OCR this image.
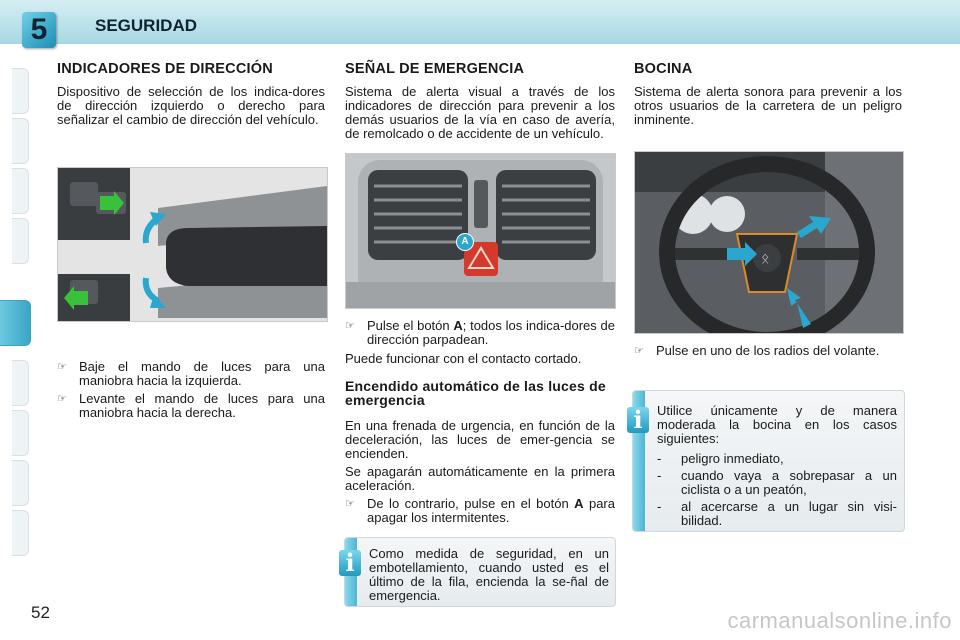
5	SEGURIDAD
INDICADORES DE DIRECCIÓN

Dispositivo de selección de los indica-dores de dirección izquierdo o derecho para señalizar el cambio de dirección del vehículo.

☞ Baje el mando de luces para una maniobra hacia la izquierda.
☞ Levante el mando de luces para una maniobra hacia la derecha.
SEÑAL DE EMERGENCIA

Sistema de alerta visual a través de los indicadores de dirección para prevenir a los demás usuarios de la vía en caso de avería, de remolcado o de accidente de un vehículo.

A
☞ Pulse el botón A; todos los indica-dores de dirección parpadean.

Puede funcionar con el contacto cortado.

Encendido automático de las luces de emergencia

En una frenada de urgencia, en función de la deceleración, las luces de emer-gencia se encienden.

Se apagarán automáticamente en la primera aceleración.

☞ De lo contrario, pulse en el botón A para apagar los intermitentes.
i	Como medida de seguridad, en un embotellamiento, cuando usted es el último de la fila, encienda la se-ñal de emergencia.

BOCINA

Sistema de alerta sonora para prevenir a los otros usuarios de la carretera de un peligro inminente.

ᛟ
☞ Pulse en uno de los radios del volante.
i	Utilice únicamente y de manera moderada la bocina en los casos siguientes:

- peligro inmediato,
- cuando vaya a sobrepasar a un ciclista o a un peatón,
- al acercarse a un lugar sin visi-bilidad.
52	carmanualsonline.info
